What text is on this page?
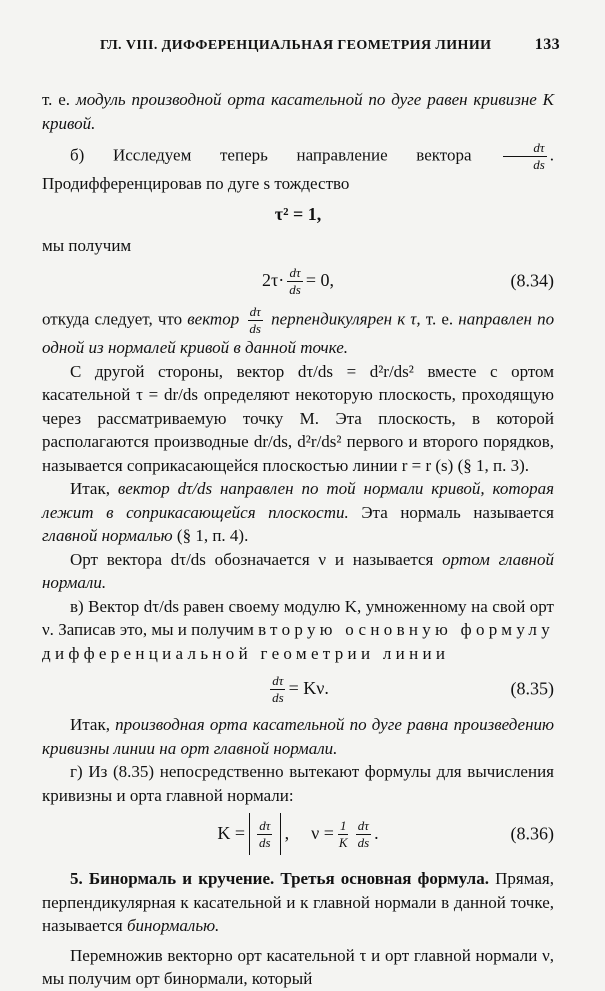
ГЛ. VIII. ДИФФЕРЕНЦИАЛЬНАЯ ГЕОМЕТРИЯ ЛИНИИ	133

т. е. модуль производной орта касательной по дуге равен кривизне K кривой.

б) Исследуем теперь направление вектора $\frac{d\tau}{ds}$ . Продифференцировав по дуге s тождество

τ² = 1,

мы получим

$2\tau\cdot \frac{d\tau}{ds} = 0$,	(8.34)

откуда следует, что вектор $\frac{d\tau}{ds}$ перпендикулярен к τ, т. е. направлен по одной из нормалей кривой в данной точке.

С другой стороны, вектор dτ/ds = d²r/ds² вместе с ортом касательной τ = dr/ds определяют некоторую плоскость, проходящую через рассматриваемую точку M. Эта плоскость, в которой располагаются производные dr/ds, d²r/ds² первого и второго порядков, называется соприкасающейся плоскостью линии r = r (s) (§ 1, п. 3).

Итак, вектор dτ/ds направлен по той нормали кривой, которая лежит в соприкасающейся плоскости. Эта нормаль называется главной нормалью (§ 1, п. 4).

Орт вектора dτ/ds обозначается ν и называется ортом главной нормали.

в) Вектор dτ/ds равен своему модулю K, умноженному на свой орт ν. Записав это, мы и получим вторую основную формулу дифференциальной геометрии линии

$\frac{d\tau}{ds} = K\nu$.	(8.35)

Итак, производная орта касательной по дуге равна произведению кривизны линии на орт главной нормали.

г) Из (8.35) непосредственно вытекают формулы для вычисления кривизны и орта главной нормали:

$K = \frac{d\tau}{ds}$ , $\nu = \frac{1}{K} \frac{d\tau}{ds}$ .	(8.36)

5. Бинормаль и кручение. Третья основная формула. Прямая, перпендикулярная к касательной и к главной нормали в данной точке, называется бинормалью.

Перемножив векторно орт касательной τ и орт главной нормали ν, мы получим орт бинормали, который
